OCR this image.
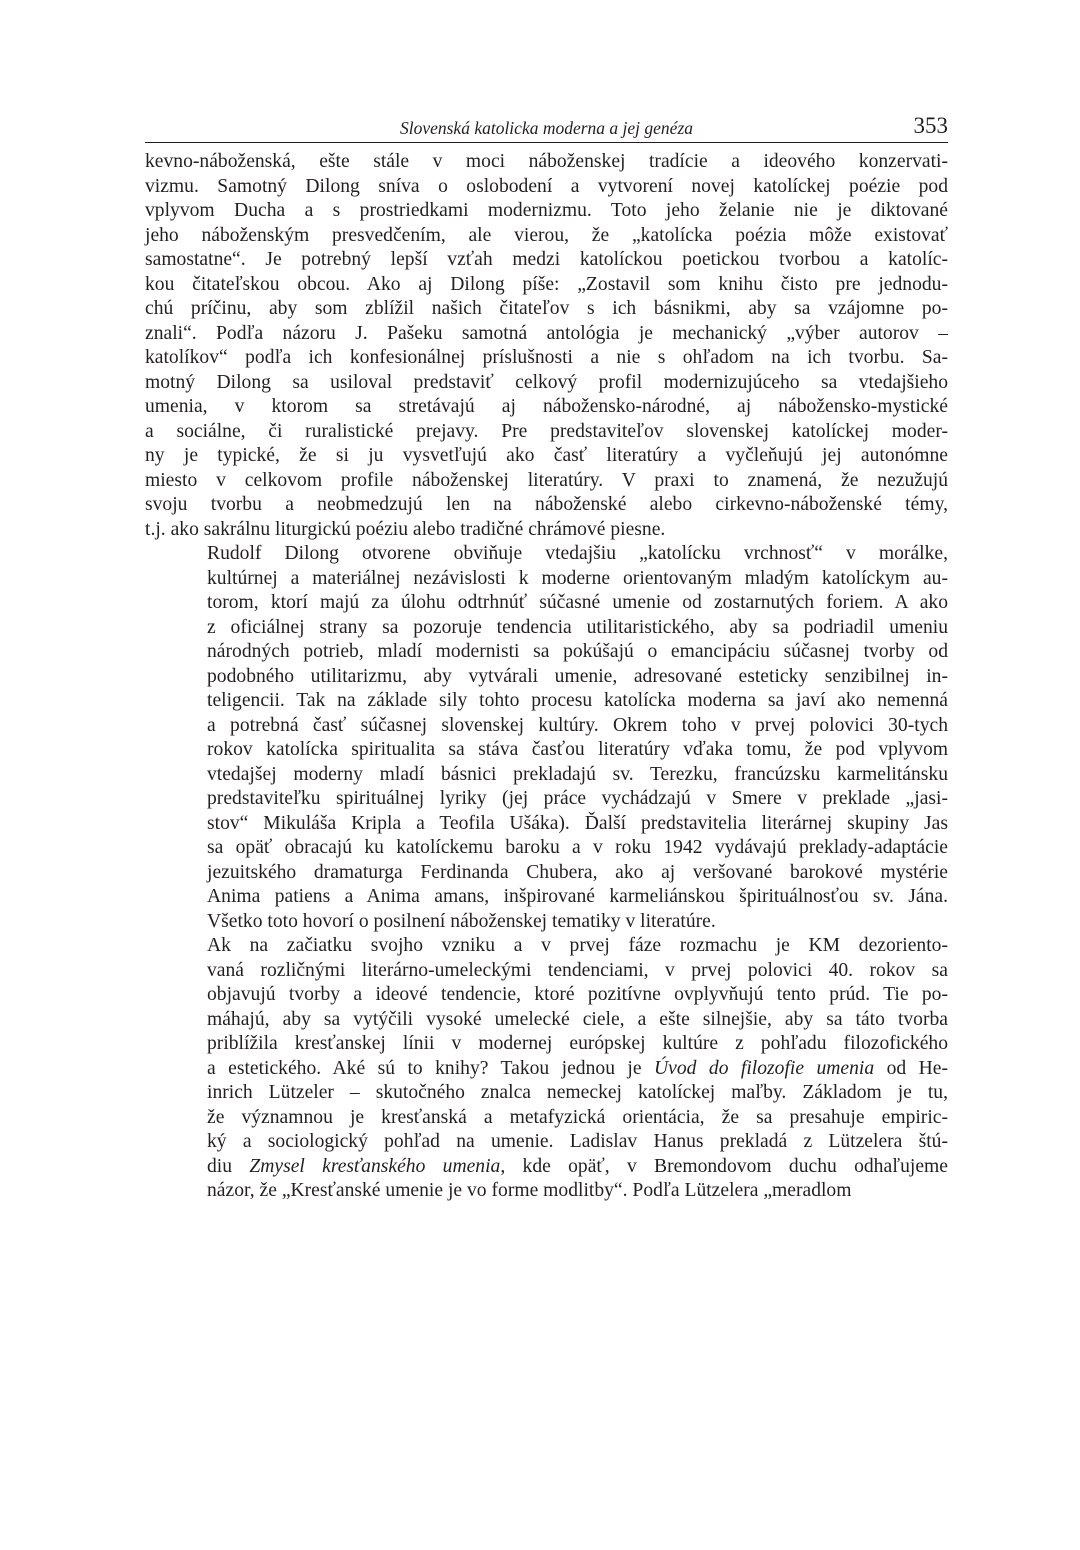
Slovenská katolicka moderna a jej genéza	353

kevno-náboženská, ešte stále v moci náboženskej tradície a ideového konzervati-
vizmu. Samotný Dilong sníva o oslobodení a vytvorení novej katolíckej poézie pod
vplyvom Ducha a s prostriedkami modernizmu. Toto jeho želanie nie je diktované
jeho náboženským presvedčením, ale vierou, že „katolícka poézia môže existovať
samostatne“. Je potrebný lepší vzťah medzi katolíckou poetickou tvorbou a katolíc-
kou čitateľskou obcou. Ako aj Dilong píše: „Zostavil som knihu čisto pre jednodu-
chú príčinu, aby som zblížil našich čitateľov s ich básnikmi, aby sa vzájomne po-
znali“. Podľa názoru J. Pašeku samotná antológia je mechanický „výber autorov –
katolíkov“ podľa ich konfesionálnej príslušnosti a nie s ohľadom na ich tvorbu. Sa-
motný Dilong sa usiloval predstaviť celkový profil modernizujúceho sa vtedajšieho
umenia, v ktorom sa stretávajú aj nábožensko-národné, aj nábožensko-mystické
a sociálne, či ruralistické prejavy. Pre predstaviteľov slovenskej katolíckej moder-
ny je typické, že si ju vysvetľujú ako časť literatúry a vyčleňujú jej autonómne
miesto v celkovom profile náboženskej literatúry. V praxi to znamená, že nezužujú
svoju tvorbu a neobmedzujú len na náboženské alebo cirkevno-náboženské témy,
t.j. ako sakrálnu liturgickú poéziu alebo tradičné chrámové piesne.

Rudolf Dilong otvorene obviňuje vtedajšiu „katolícku vrchnosť“ v morálke,
kultúrnej a materiálnej nezávislosti k moderne orientovaným mladým katolíckym au-
torom, ktorí majú za úlohu odtrhnúť súčasné umenie od zostarnutých foriem. A ako
z oficiálnej strany sa pozoruje tendencia utilitaristického, aby sa podriadil umeniu
národných potrieb, mladí modernisti sa pokúšajú o emancipáciu súčasnej tvorby od
podobného utilitarizmu, aby vytvárali umenie, adresované esteticky senzibilnej in-
teligencii. Tak na základe sily tohto procesu katolícka moderna sa javí ako nemenná
a potrebná časť súčasnej slovenskej kultúry. Okrem toho v prvej polovici 30-tych
rokov katolícka spiritualita sa stáva časťou literatúry vďaka tomu, že pod vplyvom
vtedajšej moderny mladí básnici prekladajú sv. Terezku, francúzsku karmelitánsku
predstaviteľku spirituálnej lyriky (jej práce vychádzajú v Smere v preklade „jasi-
stov“ Mikuláša Kripla a Teofila Ušáka). Ďalší predstavitelia literárnej skupiny Jas
sa opäť obracajú ku katolíckemu baroku a v roku 1942 vydávajú preklady-adaptácie
jezuitského dramaturga Ferdinanda Chubera, ako aj veršované barokové mystérie
Anima patiens a Anima amans, inšpirované karmeliánskou špirituálnosťou sv. Jána.
Všetko toto hovorí o posilnení náboženskej tematiky v literatúre.

Ak na začiatku svojho vzniku a v prvej fáze rozmachu je KM dezoriento-
vaná rozličnými literárno-umeleckými tendenciami, v prvej polovici 40. rokov sa
objavujú tvorby a ideové tendencie, ktoré pozitívne ovplyvňujú tento prúd. Tie po-
máhajú, aby sa vytýčili vysoké umelecké ciele, a ešte silnejšie, aby sa táto tvorba
priblížila kresťanskej línii v modernej európskej kultúre z pohľadu filozofického
a estetického. Aké sú to knihy? Takou jednou je Úvod do filozofie umenia od He-
inrich Lützeler – skutočného znalca nemeckej katolíckej maľby. Základom je tu,
že významnou je kresťanská a metafyzická orientácia, že sa presahuje empiric-
ký a sociologický pohľad na umenie. Ladislav Hanus prekladá z Lützelera štú-
diu Zmysel kresťanského umenia, kde opäť, v Bremondovom duchu odhaľujeme
názor, že „Kresťanské umenie je vo forme modlitby“. Podľa Lützelera „meradlom
